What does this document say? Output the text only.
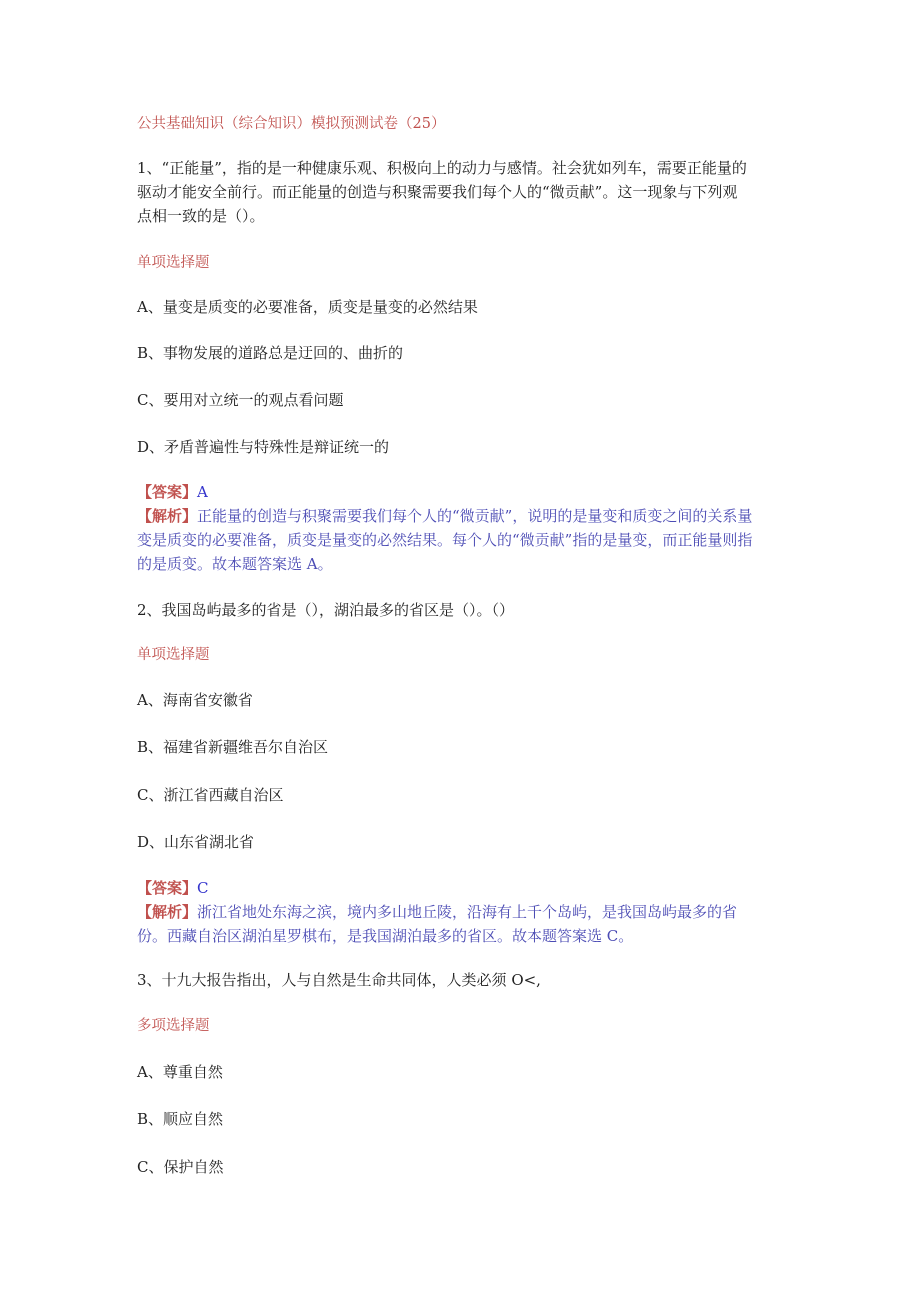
公共基础知识（综合知识）模拟预测试卷（25）
1、“正能量”，指的是一种健康乐观、积极向上的动力与感情。社会犹如列车，需要正能量的
驱动才能安全前行。而正能量的创造与积聚需要我们每个人的“微贡献”。这一现象与下列观
点相一致的是（）。
单项选择题
A、量变是质变的必要准备，质变是量变的必然结果
B、事物发展的道路总是迂回的、曲折的
C、要用对立统一的观点看问题
D、矛盾普遍性与特殊性是辩证统一的
【答案】A
【解析】正能量的创造与积聚需要我们每个人的“微贡献”，说明的是量变和质变之间的关系量
变是质变的必要准备，质变是量变的必然结果。每个人的“微贡献”指的是量变，而正能量则指
的是质变。故本题答案选 A。
2、我国岛屿最多的省是（），湖泊最多的省区是（）。（）
单项选择题
A、海南省安徽省
B、福建省新疆维吾尔自治区
C、浙江省西藏自治区
D、山东省湖北省
【答案】C
【解析】浙江省地处东海之滨，境内多山地丘陵，沿海有上千个岛屿，是我国岛屿最多的省
份。西藏自治区湖泊星罗棋布，是我国湖泊最多的省区。故本题答案选 C。
3、十九大报告指出，人与自然是生命共同体，人类必须 O<,
多项选择题
A、尊重自然
B、顺应自然
C、保护自然
